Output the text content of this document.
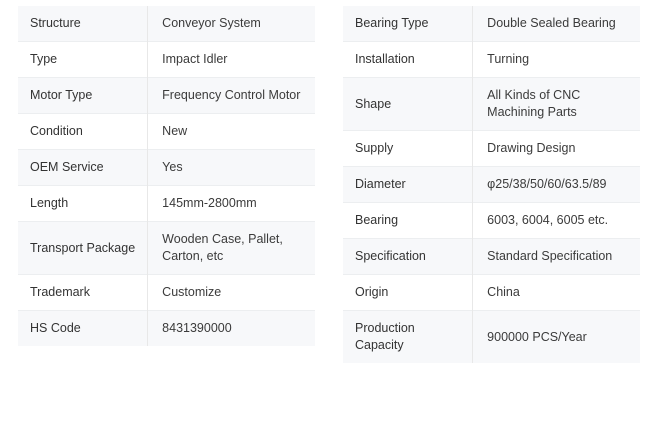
Structure	Conveyor System
Type	Impact Idler
Motor Type	Frequency Control Motor
Condition	New
OEM Service	Yes
Length	145mm-2800mm
Transport Package	Wooden Case, Pallet, Carton, etc
Trademark	Customize
HS Code	8431390000
Bearing Type	Double Sealed Bearing
Installation	Turning
Shape	All Kinds of CNC Machining Parts
Supply	Drawing Design
Diameter	φ25/38/50/60/63.5/89
Bearing	6003, 6004, 6005 etc.
Specification	Standard Specification
Origin	China
Production Capacity	900000 PCS/Year
